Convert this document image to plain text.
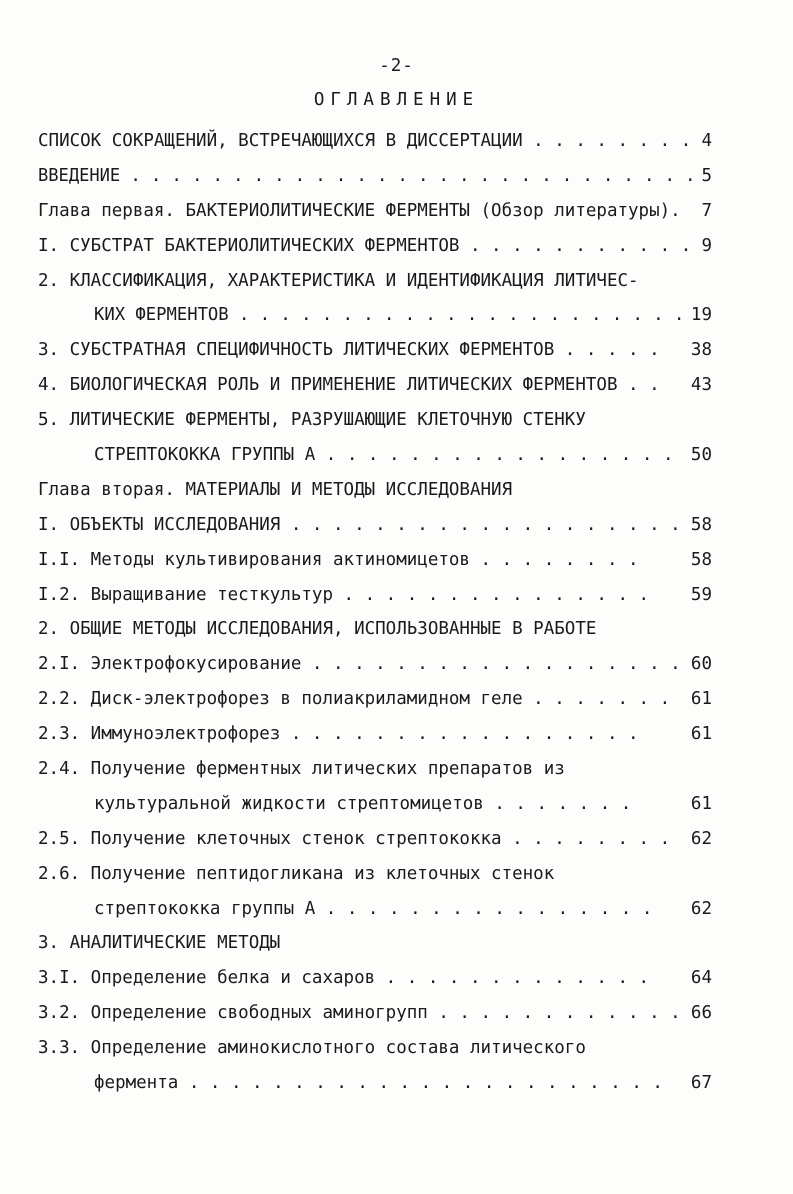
-2-
ОГЛАВЛЕНИЕ
СПИСОК СОКРАЩЕНИЙ, ВСТРЕЧАЮЩИХСЯ В ДИССЕРТАЦИИ . . . . . . . . 4
ВВЕДЕНИЕ . . . . . . . . . . . . . . . . . . . . . . . . . . . . 5
Глава первая. БАКТЕРИОЛИТИЧЕСКИЕ ФЕРМЕНТЫ (Обзор литературы). 7
I. СУБСТРАТ БАКТЕРИОЛИТИЧЕСКИХ ФЕРМЕНТОВ . . . . . . . . . . . 9
2. КЛАССИФИКАЦИЯ, ХАРАКТЕРИСТИКА И ИДЕНТИФИКАЦИЯ ЛИТИЧЕС-
КИХ ФЕРМЕНТОВ . . . . . . . . . . . . . . . . . . . . . . 19
3. СУБСТРАТНАЯ СПЕЦИФИЧНОСТЬ ЛИТИЧЕСКИХ ФЕРМЕНТОВ . . . . . 38
4. БИОЛОГИЧЕСКАЯ РОЛЬ И ПРИМЕНЕНИЕ ЛИТИЧЕСКИХ ФЕРМЕНТОВ . . 43
5. ЛИТИЧЕСКИЕ ФЕРМЕНТЫ, РАЗРУШАЮЩИЕ КЛЕТОЧНУЮ СТЕНКУ
СТРЕПТОКОККА ГРУППЫ А . . . . . . . . . . . . . . . . . 50
Глава вторая. МАТЕРИАЛЫ И МЕТОДЫ ИССЛЕДОВАНИЯ
I. ОБЪЕКТЫ ИССЛЕДОВАНИЯ . . . . . . . . . . . . . . . . . . . 58
I.I. Методы культивирования актиномицетов . . . . . . . .	58
I.2. Выращивание тесткультур . . . . . . . . . . . . . . . 59
2. ОБЩИЕ МЕТОДЫ ИССЛЕДОВАНИЯ, ИСПОЛЬЗОВАННЫЕ В РАБОТЕ
2.I. Электрофокусирование . . . . . . . . . . . . . . . . . . 60
2.2. Диск-электрофорез в полиакриламидном геле . . . . . . . 61
2.3. Иммуноэлектрофорез . . . . . . . . . . . . . . . . .	61
2.4. Получение ферментных литических препаратов из
культуральной жидкости стрептомицетов . . . . . . .	61
2.5. Получение клеточных стенок стрептококка . . . . . . . . 62
2.6. Получение пептидогликана из клеточных стенок
стрептококка группы А . . . . . . . . . . . . . . . . 62
3. АНАЛИТИЧЕСКИЕ МЕТОДЫ
3.I. Определение белка и сахаров . . . . . . . . . . . . . 64
3.2. Определение свободных аминогрупп . . . . . . . . . . . . 66
3.3. Определение аминокислотного состава литического
фермента . . . . . . . . . . . . . . . . . . . . . . . 67
